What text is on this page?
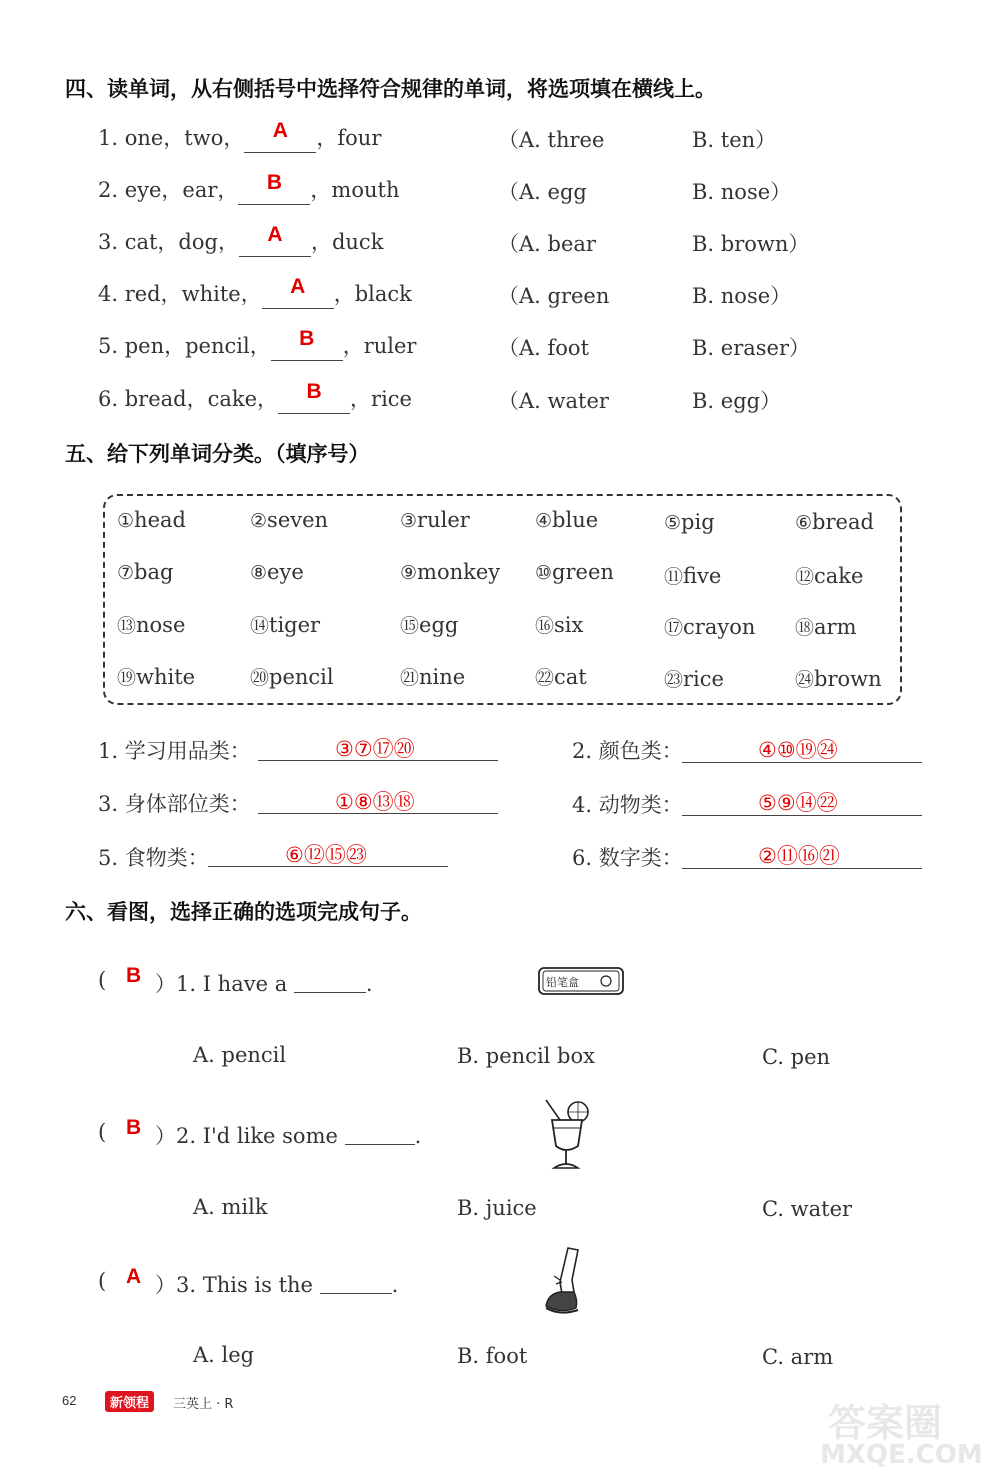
四、读单词，从右侧括号中选择符合规律的单词，将选项填在横线上。
1. one，two， A ，four	（A. three	B. ten）
2. eye，ear， B ，mouth	（A. egg	B. nose）
3. cat，dog， A ，duck	（A. bear	B. brown）
4. red，white， A ，black	（A. green	B. nose）
5. pen，pencil， B ，ruler	（A. foot	B. eraser）
6. bread，cake， B ，rice	（A. water	B. egg）
五、给下列单词分类。（填序号）
①head	②seven	③ruler	④blue	⑤pig	⑥bread
⑦bag	⑧eye	⑨monkey ⑩green	⑪five	⑫cake
⑬nose	⑭tiger	⑮egg	⑯six	⑰crayon ⑱arm
⑲white	⑳pencil	㉑nine	㉒cat	㉓rice	㉔brown
1. 学习用品类：	③⑦⑰⑳	2. 颜色类：	④⑩⑲㉔
3. 身体部位类：	①⑧⑬⑱	4. 动物类：	⑤⑨⑭㉒
5. 食物类：	⑥⑫⑮㉓	6. 数字类：	②⑪⑯㉑
六、看图，选择正确的选项完成句子。
( B ）1. I have a	.	铅笔盒
A. pencil	B. pencil box	C. pen
( B ）2. I'd like some	.
A. milk	B. juice	C. water
( A ）3. This is the	.
A. leg	B. foot	C. arm
62	新领程	三英上 · R	答案圈
MXQE.COM
